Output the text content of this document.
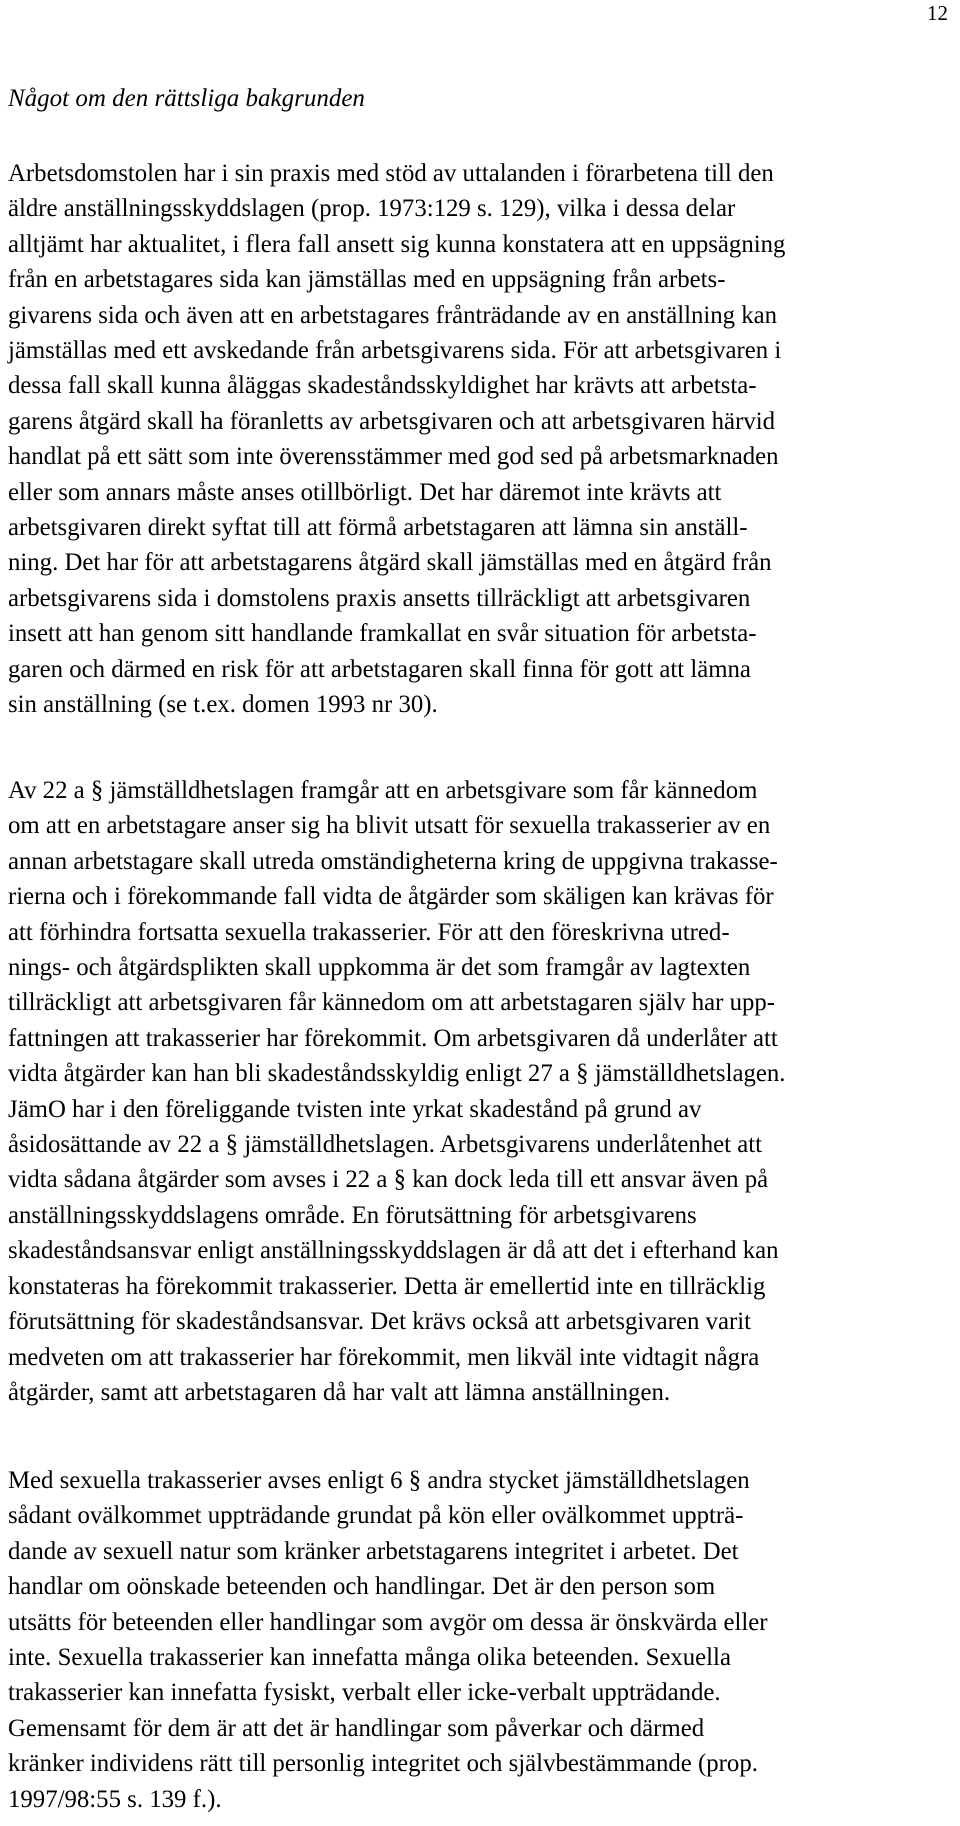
12
Något om den rättsliga bakgrunden
Arbetsdomstolen har i sin praxis med stöd av uttalanden i förarbetena till den
äldre anställningsskyddslagen (prop. 1973:129 s. 129), vilka i dessa delar
alltjämt har aktualitet, i flera fall ansett sig kunna konstatera att en uppsägning
från en arbetstagares sida kan jämställas med en uppsägning från arbets-
givarens sida och även att en arbetstagares frånträdande av en anställning kan
jämställas med ett avskedande från arbetsgivarens sida. För att arbetsgivaren i
dessa fall skall kunna åläggas skadeståndsskyldighet har krävts att arbetsta-
garens åtgärd skall ha föranletts av arbetsgivaren och att arbetsgivaren härvid
handlat på ett sätt som inte överensstämmer med god sed på arbetsmarknaden
eller som annars måste anses otillbörligt. Det har däremot inte krävts att
arbetsgivaren direkt syftat till att förmå arbetstagaren att lämna sin anställ-
ning. Det har för att arbetstagarens åtgärd skall jämställas med en åtgärd från
arbetsgivarens sida i domstolens praxis ansetts tillräckligt att arbetsgivaren
insett att han genom sitt handlande framkallat en svår situation för arbetsta-
garen och därmed en risk för att arbetstagaren skall finna för gott att lämna
sin anställning (se t.ex. domen 1993 nr 30).
Av 22 a § jämställdhetslagen framgår att en arbetsgivare som får kännedom
om att en arbetstagare anser sig ha blivit utsatt för sexuella trakasserier av en
annan arbetstagare skall utreda omständigheterna kring de uppgivna trakasse-
rierna och i förekommande fall vidta de åtgärder som skäligen kan krävas för
att förhindra fortsatta sexuella trakasserier. För att den föreskrivna utred-
nings- och åtgärdsplikten skall uppkomma är det som framgår av lagtexten
tillräckligt att arbetsgivaren får kännedom om att arbetstagaren själv har upp-
fattningen att trakasserier har förekommit. Om arbetsgivaren då underlåter att
vidta åtgärder kan han bli skadeståndsskyldig enligt 27 a § jämställdhetslagen.
JämO har i den föreliggande tvisten inte yrkat skadestånd på grund av
åsidosättande av 22 a § jämställdhetslagen. Arbetsgivarens underlåtenhet att
vidta sådana åtgärder som avses i 22 a § kan dock leda till ett ansvar även på
anställningsskyddslagens område. En förutsättning för arbetsgivarens
skadeståndsansvar enligt anställningsskyddslagen är då att det i efterhand kan
konstateras ha förekommit trakasserier. Detta är emellertid inte en tillräcklig
förutsättning för skadeståndsansvar. Det krävs också att arbetsgivaren varit
medveten om att trakasserier har förekommit, men likväl inte vidtagit några
åtgärder, samt att arbetstagaren då har valt att lämna anställningen.
Med sexuella trakasserier avses enligt 6 § andra stycket jämställdhetslagen
sådant ovälkommet uppträdande grundat på kön eller ovälkommet uppträ-
dande av sexuell natur som kränker arbetstagarens integritet i arbetet. Det
handlar om oönskade beteenden och handlingar. Det är den person som
utsätts för beteenden eller handlingar som avgör om dessa är önskvärda eller
inte. Sexuella trakasserier kan innefatta många olika beteenden. Sexuella
trakasserier kan innefatta fysiskt, verbalt eller icke-verbalt uppträdande.
Gemensamt för dem är att det är handlingar som påverkar och därmed
kränker individens rätt till personlig integritet och självbestämmande (prop.
1997/98:55 s. 139 f.).
